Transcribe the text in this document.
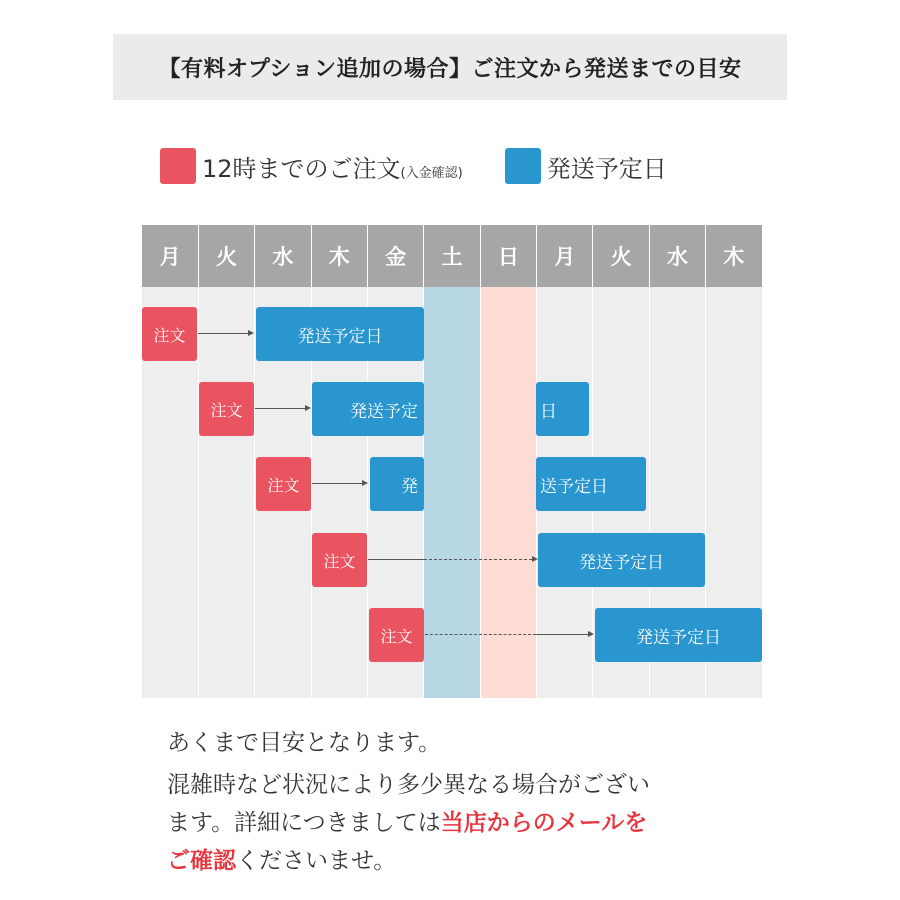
【有料オプション追加の場合】ご注文から発送までの目安
12時までのご注文(入金確認)	発送予定日
月	火	水	木	金	土	日	月	火	水	木
注文	発送予定日
注文	発送予定	日
注文	発	送予定日
注文	発送予定日
注文	発送予定日

あくまで目安となります。

混雑時など状況により多少異なる場合がござい

ます。詳細につきましては当店からのメールを

ご確認くださいませ。
